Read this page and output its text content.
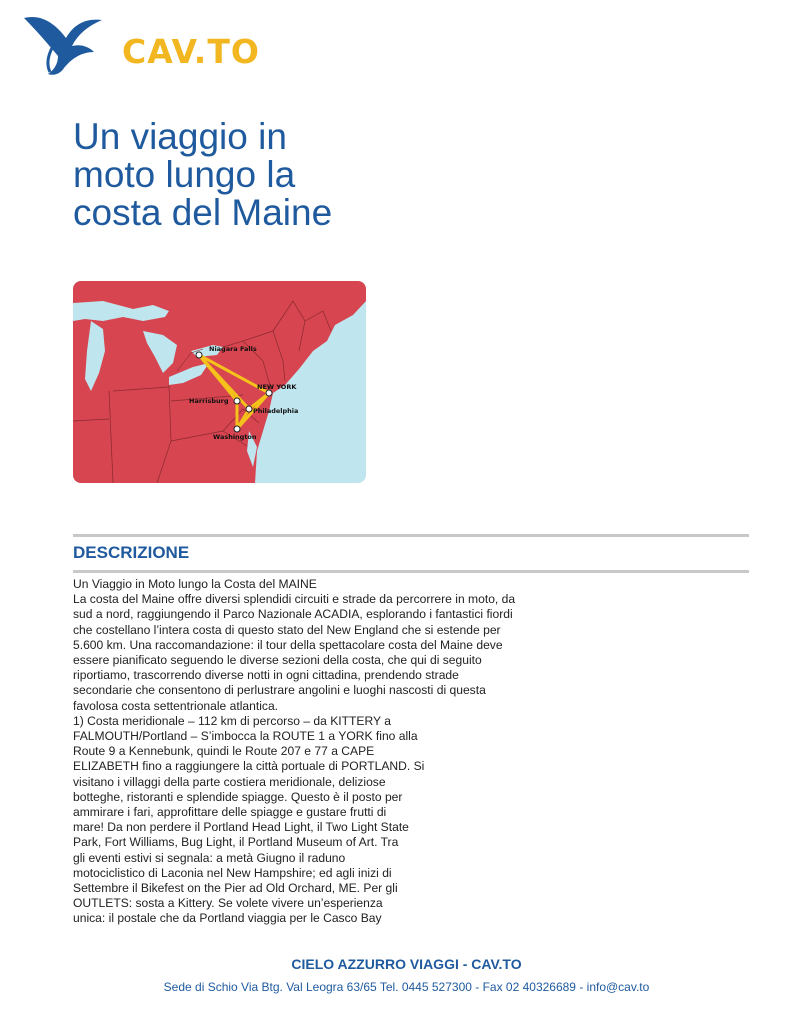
CAV.TO
Un viaggio in
moto lungo la
costa del Maine
Niagara Falls
NEW YORK
Harrisburg
Philadelphia
Washington
DESCRIZIONE

Un Viaggio in Moto lungo la Costa del MAINE

La costa del Maine offre diversi splendidi circuiti e strade da percorrere in moto, da

sud a nord, raggiungendo il Parco Nazionale ACADIA, esplorando i fantastici fiordi

che costellano l’intera costa di questo stato del New England che si estende per

5.600 km. Una raccomandazione: il tour della spettacolare costa del Maine deve

essere pianificato seguendo le diverse sezioni della costa, che qui di seguito

riportiamo, trascorrendo diverse notti in ogni cittadina, prendendo strade

secondarie che consentono di perlustrare angolini e luoghi nascosti di questa

favolosa costa settentrionale atlantica.

1) Costa meridionale – 112 km di percorso – da KITTERY a

FALMOUTH/Portland – S’imbocca la ROUTE 1 a YORK fino alla

Route 9 a Kennebunk, quindi le Route 207 e 77 a CAPE

ELIZABETH fino a raggiungere la città portuale di PORTLAND. Si

visitano i villaggi della parte costiera meridionale, deliziose

botteghe, ristoranti e splendide spiagge. Questo è il posto per

ammirare i fari, approfittare delle spiagge e gustare frutti di

mare! Da non perdere il Portland Head Light, il Two Light State

Park, Fort Williams, Bug Light, il Portland Museum of Art. Tra

gli eventi estivi si segnala: a metà Giugno il raduno

motociclistico di Laconia nel New Hampshire; ed agli inizi di

Settembre il Bikefest on the Pier ad Old Orchard, ME. Per gli

OUTLETS: sosta a Kittery. Se volete vivere un’esperienza

unica: il postale che da Portland viaggia per le Casco Bay

CIELO AZZURRO VIAGGI - CAV.TO
Sede di Schio Via Btg. Val Leogra 63/65 Tel. 0445 527300 - Fax 02 40326689 - info@cav.to
